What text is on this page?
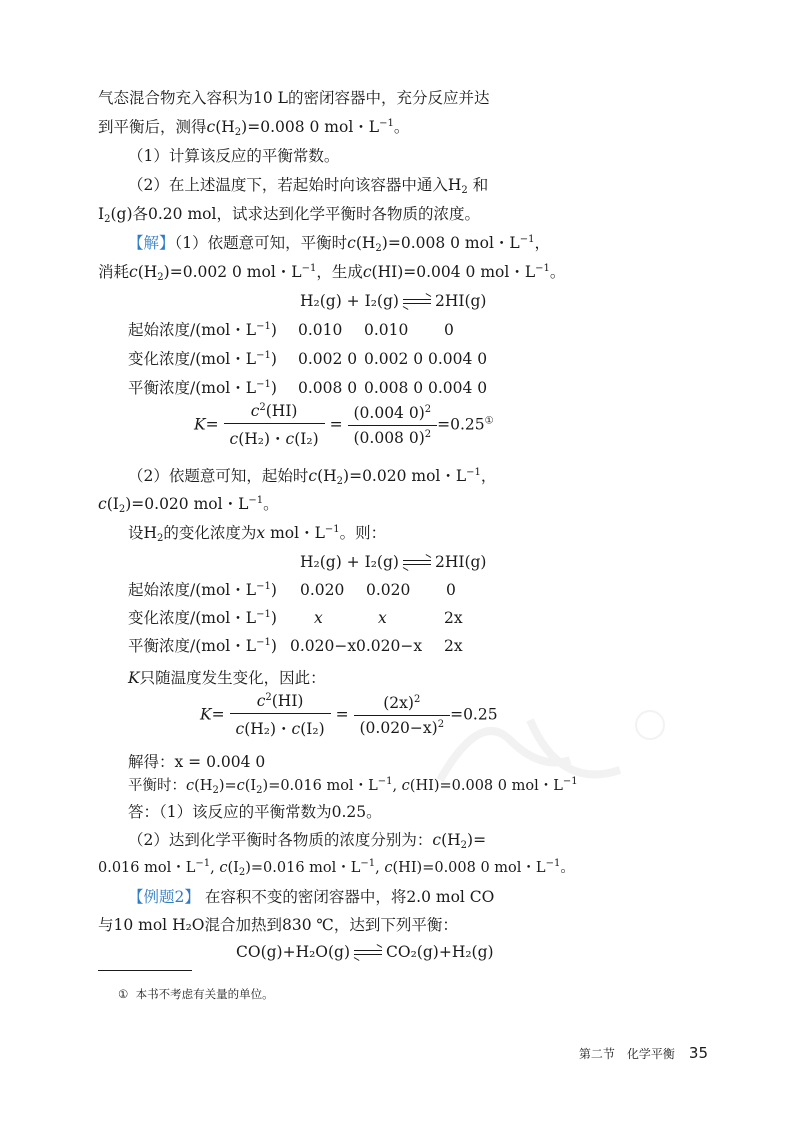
气态混合物充入容积为10 L的密闭容器中，充分反应并达
到平衡后，测得$c(H_2)=0.008$ 0 mol・$L^{-1}$。
（1）计算该反应的平衡常数。
（2）在上述温度下，若起始时向该容器中通入$H_2$ 和
$I_2(g)$各0.20 mol，试求达到化学平衡时各物质的浓度。
【解】（1）依题意可知，平衡时$c(H_2)=0.008$ 0 mol・$L^{-1}$，
消耗$c(H_2)=0.002$ 0 mol・$L^{-1}$，生成c(HI)=0.004 0 mol・$L^{-1}$。
H₂(g) + I₂(g) 2HI(g)
起始浓度/(mol・$L^{-1}$) 0.010 0.010 0
变化浓度/(mol・$L^{-1}$) 0.002 0 0.002 0 0.004 0
平衡浓度/(mol・$L^{-1}$) 0.008 0 0.008 0 0.004 0
$K= \frac{c^2(HI)}{\text{c(H₂)・c(I₂)}} = \frac{(0.004 0)^2}{(0.008 0)^2} =0.25^①$
（2）依题意可知，起始时$c(H_2)=0.020$ mol・$L^{-1}$，
$c(I_2)=0.020$ mol・$L^{-1}$。
设$H_2$的变化浓度为x mol・$L^{-1}$。则：
H₂(g) + I₂(g) 2HI(g)
起始浓度/(mol・$L^{-1}$) 0.020 0.020 0
变化浓度/(mol・$L^{-1}$) x	x	2x
平衡浓度/(mol・$L^{-1}$) 0.020−x 0.020−x 2x
K只随温度发生变化，因此：
$K= \frac{c^2(HI)}{\text{c(H₂)・c(I₂)}} = \frac{(2x)^2}{(0.020-x)^2} =0.25$
解得：x = 0.004 0
平衡时：$c(H_2)=c(I_2)=0.016$ mol・$L^{-1}$, c(HI)=0.008 0 mol・$L^{-1}$
答：（1）该反应的平衡常数为0.25。
（2）达到化学平衡时各物质的浓度分别为：$c(H_2)=$
0.016 mol・$L^{-1}$, $c(I_2)=0.016$ mol・$L^{-1}$, c(HI)=0.008 0 mol・$L^{-1}$。
【例题2】 在容积不变的密闭容器中，将2.0 mol CO
与10 mol H₂O混合加热到830 ℃，达到下列平衡：
CO(g)+H₂O(g) CO₂(g)+H₂(g)
① 本书不考虑有关量的单位。
第二节　化学平衡 35
